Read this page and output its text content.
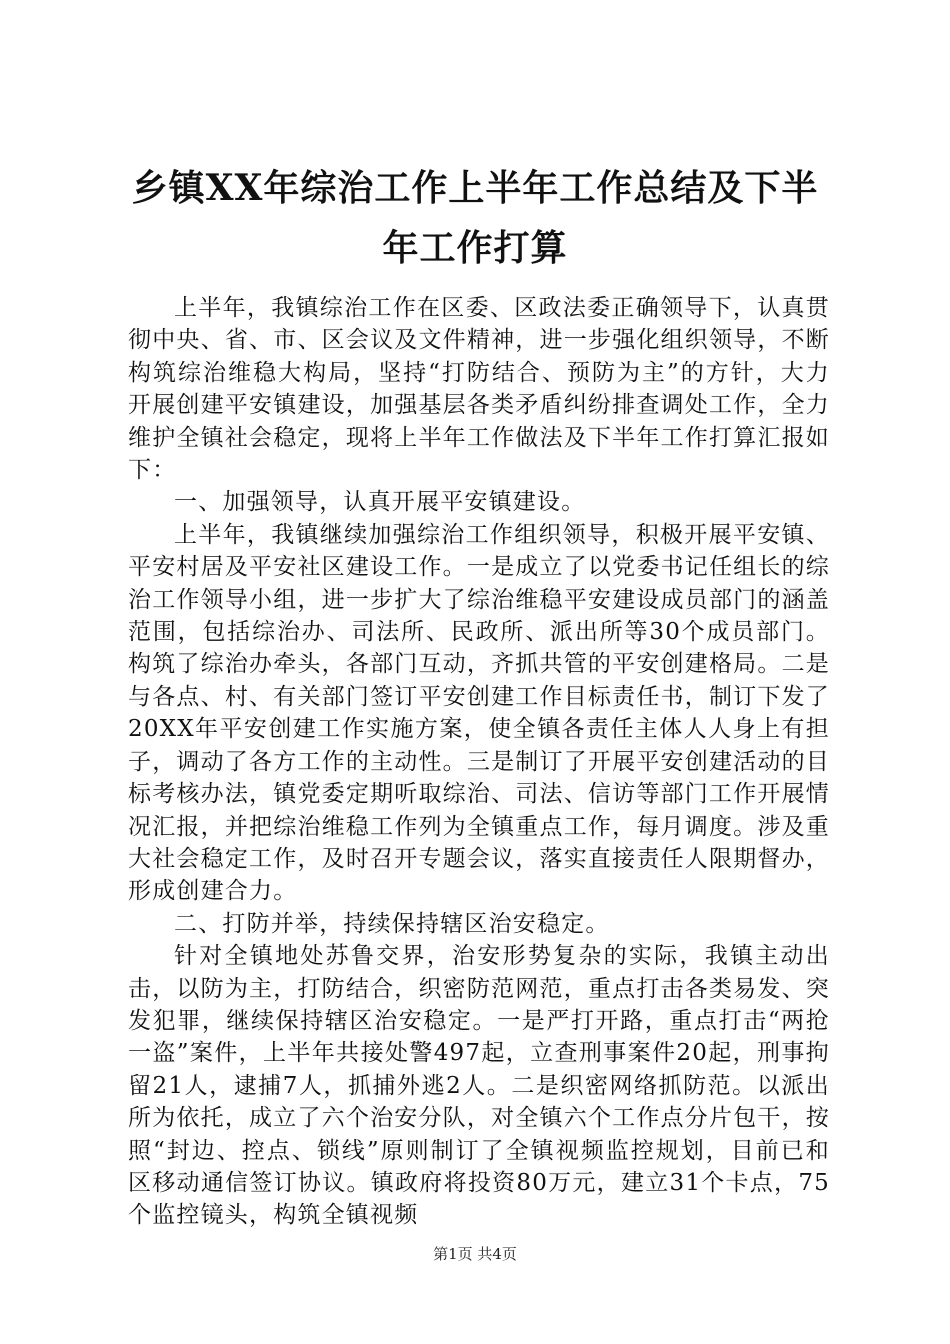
乡镇XX年综治工作上半年工作总结及下半年工作打算

上半年，我镇综治工作在区委、区政法委正确领导下，认真贯彻中央、省、市、区会议及文件精神，进一步强化组织领导，不断构筑综治维稳大构局，坚持“打防结合、预防为主”的方针，大力开展创建平安镇建设，加强基层各类矛盾纠纷排查调处工作，全力维护全镇社会稳定，现将上半年工作做法及下半年工作打算汇报如下：

一、加强领导，认真开展平安镇建设。

上半年，我镇继续加强综治工作组织领导，积极开展平安镇、平安村居及平安社区建设工作。一是成立了以党委书记任组长的综治工作领导小组，进一步扩大了综治维稳平安建设成员部门的涵盖范围，包括综治办、司法所、民政所、派出所等30个成员部门。构筑了综治办牵头，各部门互动，齐抓共管的平安创建格局。二是与各点、村、有关部门签订平安创建工作目标责任书，制订下发了20XX年平安创建工作实施方案，使全镇各责任主体人人身上有担子，调动了各方工作的主动性。三是制订了开展平安创建活动的目标考核办法，镇党委定期听取综治、司法、信访等部门工作开展情况汇报，并把综治维稳工作列为全镇重点工作，每月调度。涉及重大社会稳定工作，及时召开专题会议，落实直接责任人限期督办，形成创建合力。

二、打防并举，持续保持辖区治安稳定。

针对全镇地处苏鲁交界，治安形势复杂的实际，我镇主动出击，以防为主，打防结合，织密防范网范，重点打击各类易发、突发犯罪，继续保持辖区治安稳定。一是严打开路，重点打击“两抢一盗”案件，上半年共接处警497起，立查刑事案件20起，刑事拘留21人，逮捕7人，抓捕外逃2人。二是织密网络抓防范。以派出所为依托，成立了六个治安分队，对全镇六个工作点分片包干，按照“封边、控点、锁线”原则制订了全镇视频监控规划，目前已和区移动通信签订协议。镇政府将投资80万元，建立31个卡点，75个监控镜头，构筑全镇视频

第1页 共4页
